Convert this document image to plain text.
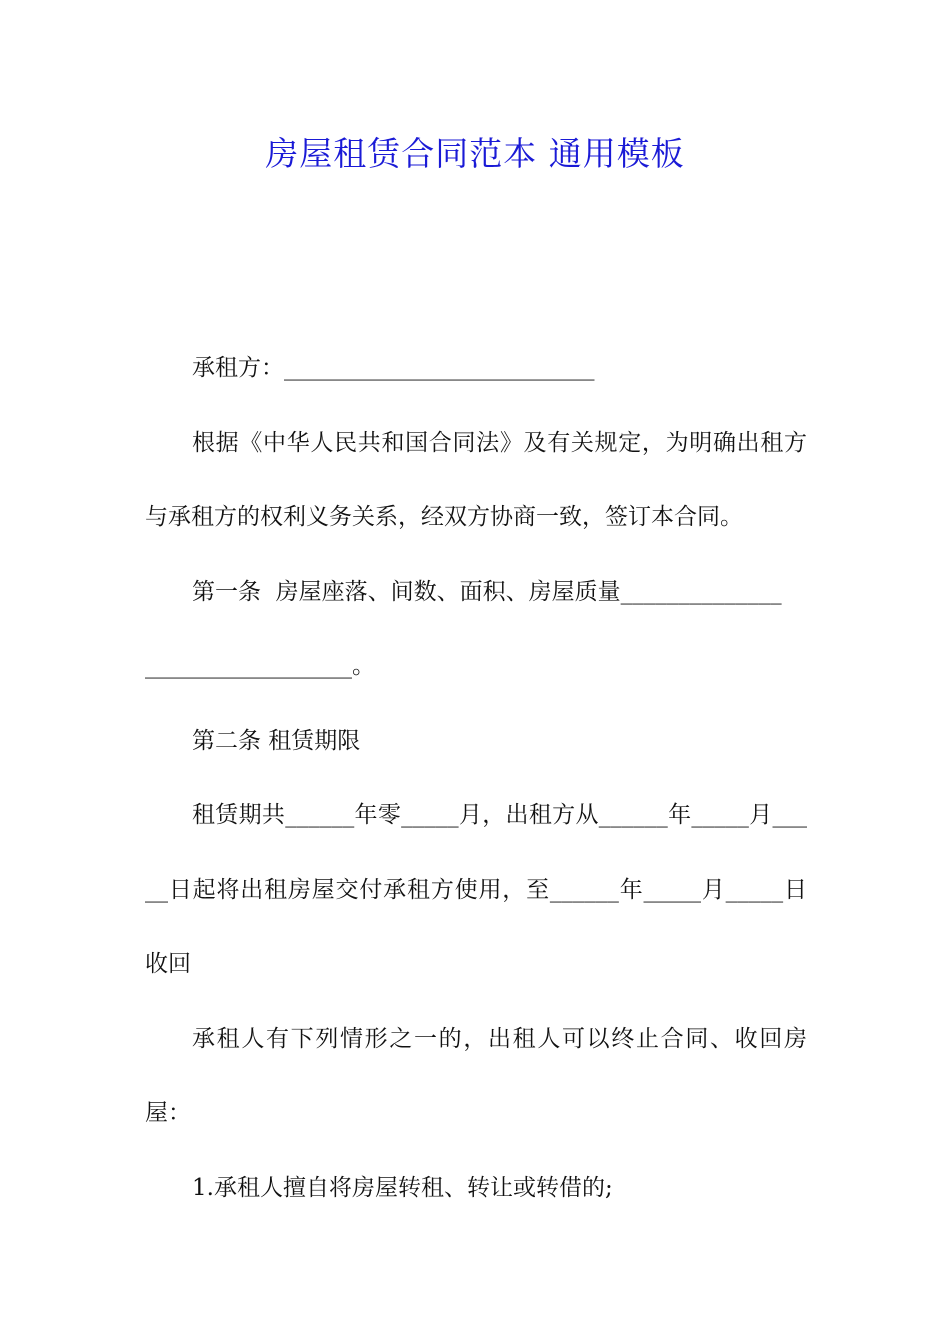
房屋租赁合同范本 通用模板

承租方：___________________________

根据《中华人民共和国合同法》及有关规定，为明确出租方与承租方的权利义务关系，经双方协商一致，签订本合同。

第一条  房屋座落、间数、面积、房屋质量______________

__________________。

第二条 租赁期限

租赁期共______年零_____月，出租方从______年_____月_____日起将出租房屋交付承租方使用，至______年_____月_____日收回

承租人有下列情形之一的，出租人可以终止合同、收回房屋：

1.承租人擅自将房屋转租、转让或转借的;
